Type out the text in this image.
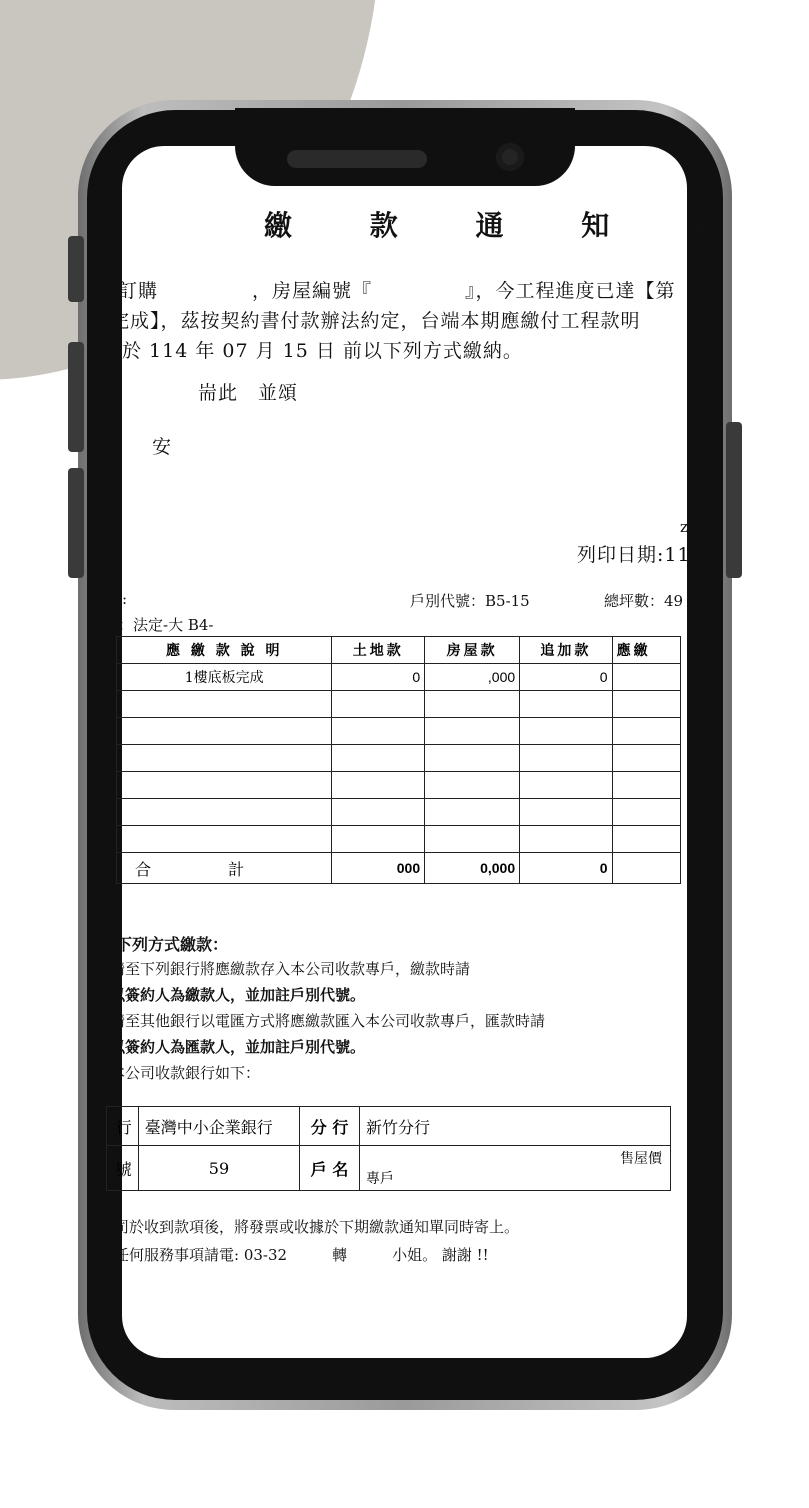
繳 款 通 知 單
訂購	，房屋編號『	』，今工程進度已達【第
完成】，茲按契約書付款辦法約定，台端本期應繳付工程款明
於 114 年 07 月 15 日 前以下列方式繳納。
耑此　並頌
安
z
列印日期:11
:	戶別代號：B5-15	總坪數：49
：法定-大 B4-
應 繳 款 說 明	土地款	房屋款	追加款	應繳
1樓底板完成	0	,000	0	

合 計	000	0,000	0	
下列方式繳款：
請至下列銀行將應繳款存入本公司收款專戶，繳款時請
以簽約人為繳款人，並加註戶別代號。
請至其他銀行以電匯方式將應繳款匯入本公司收款專戶，匯款時請
以簽約人為匯款人，並加註戶別代號。
本公司收款銀行如下：
行	臺灣中小企業銀行	分 行	新竹分行
號	59	戶 名	售屋價
專戶
司於收到款項後，將發票或收據於下期繳款通知單同時寄上。
任何服務事項請電: 03-32　　　轉　　　小姐。 謝謝 !!
